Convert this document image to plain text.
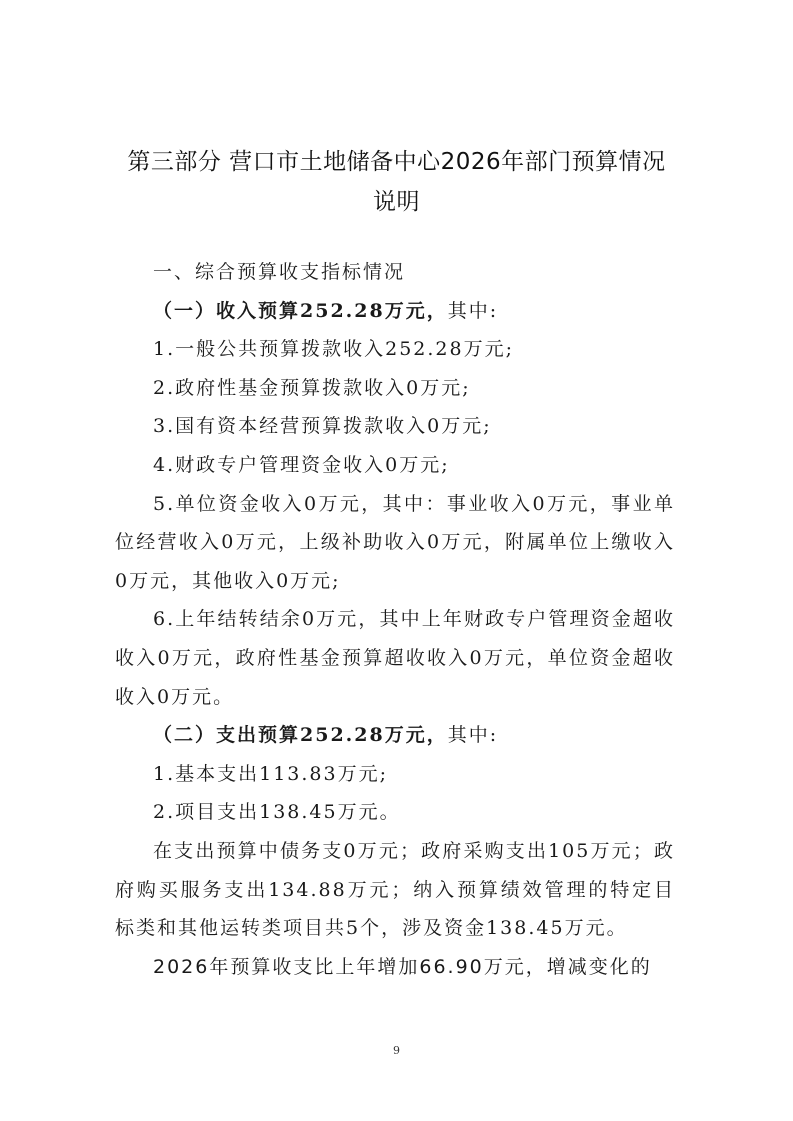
第三部分 营口市土地储备中心2026年部门预算情况
说明

一、综合预算收支指标情况

（一）收入预算252.28万元，其中:

1.一般公共预算拨款收入252.28万元;

2.政府性基金预算拨款收入0万元;

3.国有资本经营预算拨款收入0万元;

4.财政专户管理资金收入0万元;

5.单位资金收入0万元，其中：事业收入0万元，事业单位经营收入0万元，上级补助收入0万元，附属单位上缴收入0万元，其他收入0万元;

6.上年结转结余0万元，其中上年财政专户管理资金超收收入0万元，政府性基金预算超收收入0万元，单位资金超收收入0万元。

（二）支出预算252.28万元，其中:

1.基本支出113.83万元;

2.项目支出138.45万元。

在支出预算中债务支0万元；政府采购支出105万元；政府购买服务支出134.88万元；纳入预算绩效管理的特定目标类和其他运转类项目共5个，涉及资金138.45万元。

2026年预算收支比上年增加66.90万元，增减变化的

9
